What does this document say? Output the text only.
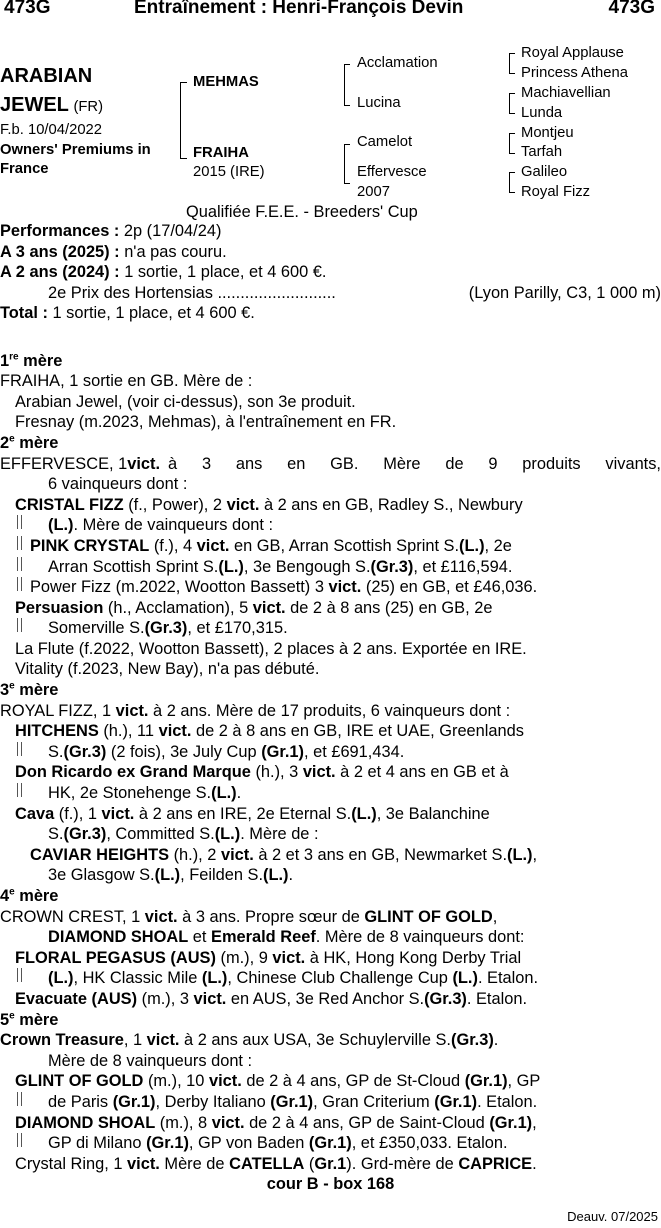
473G	Entraînement : Henri-François Devin	473G
ARABIAN
JEWEL (FR)
F.b. 10/04/2022
Owners' Premiums in
France
MEHMAS
FRAIHA
2015 (IRE)
Acclamation
Lucina
Camelot
Effervesce
2007
Royal Applause
Princess Athena
Machiavellian
Lunda
Montjeu
Tarfah
Galileo
Royal Fizz
Qualifiée F.E.E. - Breeders' Cup
Performances : 2p (17/04/24)
A 3 ans (2025) : n'a pas couru.
A 2 ans (2024) : 1 sortie, 1 place, et 4 600 €.
2e Prix des Hortensias ..........................	(Lyon Parilly, C3, 1 000 m)
Total : 1 sortie, 1 place, et 4 600 €.
1re mère
FRAIHA, 1 sortie en GB. Mère de :
Arabian Jewel, (voir ci-dessus), son 3e produit.
Fresnay (m.2023, Mehmas), à l'entraînement en FR.
2e mère
EFFERVESCE, 1 vict. à 3 ans en GB. Mère de 9 produits vivants,
6 vainqueurs dont :
CRISTAL FIZZ (f., Power), 2 vict. à 2 ans en GB, Radley S., Newbury
(L.). Mère de vainqueurs dont :
PINK CRYSTAL (f.), 4 vict. en GB, Arran Scottish Sprint S.(L.), 2e
Arran Scottish Sprint S.(L.), 3e Bengough S.(Gr.3), et £116,594.
Power Fizz (m.2022, Wootton Bassett) 3 vict. (25) en GB, et £46,036.
Persuasion (h., Acclamation), 5 vict. de 2 à 8 ans (25) en GB, 2e
Somerville S.(Gr.3), et £170,315.
La Flute (f.2022, Wootton Bassett), 2 places à 2 ans. Exportée en IRE.
Vitality (f.2023, New Bay), n'a pas débuté.
3e mère
ROYAL FIZZ, 1 vict. à 2 ans. Mère de 17 produits, 6 vainqueurs dont :
HITCHENS (h.), 11 vict. de 2 à 8 ans en GB, IRE et UAE, Greenlands
S.(Gr.3) (2 fois), 3e July Cup (Gr.1), et £691,434.
Don Ricardo ex Grand Marque (h.), 3 vict. à 2 et 4 ans en GB et à
HK, 2e Stonehenge S.(L.).
Cava (f.), 1 vict. à 2 ans en IRE, 2e Eternal S.(L.), 3e Balanchine
S.(Gr.3), Committed S.(L.). Mère de :
CAVIAR HEIGHTS (h.), 2 vict. à 2 et 3 ans en GB, Newmarket S.(L.),
3e Glasgow S.(L.), Feilden S.(L.).
4e mère
CROWN CREST, 1 vict. à 3 ans. Propre sœur de GLINT OF GOLD,
DIAMOND SHOAL et Emerald Reef. Mère de 8 vainqueurs dont:
FLORAL PEGASUS (AUS) (m.), 9 vict. à HK, Hong Kong Derby Trial
(L.), HK Classic Mile (L.), Chinese Club Challenge Cup (L.). Etalon.
Evacuate (AUS) (m.), 3 vict. en AUS, 3e Red Anchor S.(Gr.3). Etalon.
5e mère
Crown Treasure, 1 vict. à 2 ans aux USA, 3e Schuylerville S.(Gr.3).
Mère de 8 vainqueurs dont :
GLINT OF GOLD (m.), 10 vict. de 2 à 4 ans, GP de St-Cloud (Gr.1), GP
de Paris (Gr.1), Derby Italiano (Gr.1), Gran Criterium (Gr.1). Etalon.
DIAMOND SHOAL (m.), 8 vict. de 2 à 4 ans, GP de Saint-Cloud (Gr.1),
GP di Milano (Gr.1), GP von Baden (Gr.1), et £350,033. Etalon.
Crystal Ring, 1 vict. Mère de CATELLA (Gr.1). Grd-mère de CAPRICE.
cour B - box 168
Deauv. 07/2025
